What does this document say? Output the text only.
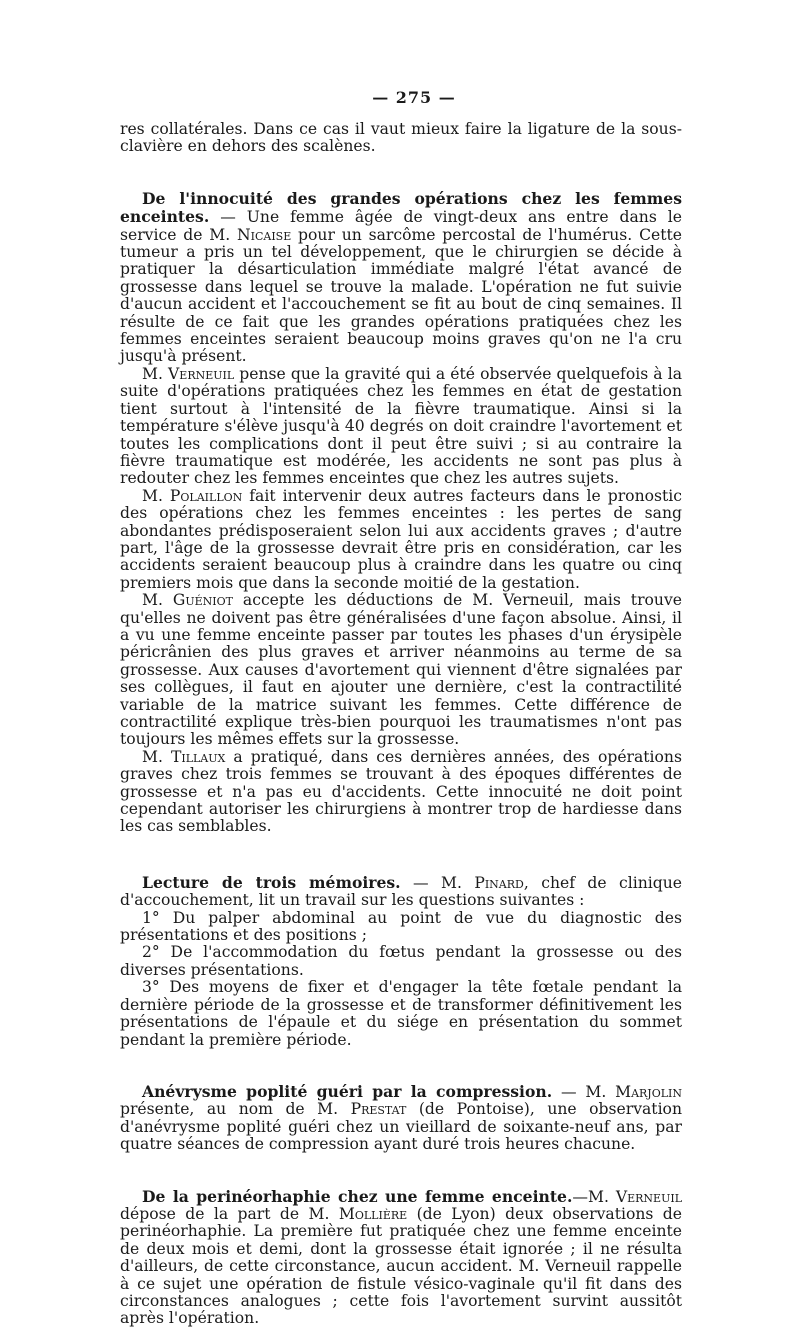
— 275 —

res collatérales. Dans ce cas il vaut mieux faire la ligature de la sous-clavière en dehors des scalènes.

De l'innocuité des grandes opérations chez les femmes enceintes. — Une femme âgée de vingt-deux ans entre dans le service de M. Nicaise pour un sarcôme percostal de l'humérus. Cette tumeur a pris un tel développement, que le chirurgien se décide à pratiquer la désarticulation immédiate malgré l'état avancé de grossesse dans lequel se trouve la malade. L'opération ne fut suivie d'aucun accident et l'accouchement se fit au bout de cinq semaines. Il résulte de ce fait que les grandes opérations pratiquées chez les femmes enceintes seraient beaucoup moins graves qu'on ne l'a cru jusqu'à présent.

M. Verneuil pense que la gravité qui a été observée quelquefois à la suite d'opérations pratiquées chez les femmes en état de gestation tient surtout à l'intensité de la fièvre traumatique. Ainsi si la température s'élève jusqu'à 40 degrés on doit craindre l'avortement et toutes les complications dont il peut être suivi ; si au contraire la fièvre traumatique est modérée, les accidents ne sont pas plus à redouter chez les femmes enceintes que chez les autres sujets.

M. Polaillon fait intervenir deux autres facteurs dans le pronostic des opérations chez les femmes enceintes : les pertes de sang abondantes prédisposeraient selon lui aux accidents graves ; d'autre part, l'âge de la grossesse devrait être pris en considération, car les accidents seraient beaucoup plus à craindre dans les quatre ou cinq premiers mois que dans la seconde moitié de la gestation.

M. Guéniot accepte les déductions de M. Verneuil, mais trouve qu'elles ne doivent pas être généralisées d'une façon absolue. Ainsi, il a vu une femme enceinte passer par toutes les phases d'un érysipèle péricrânien des plus graves et arriver néanmoins au terme de sa grossesse. Aux causes d'avortement qui viennent d'être signalées par ses collègues, il faut en ajouter une dernière, c'est la contractilité variable de la matrice suivant les femmes. Cette différence de contractilité explique très-bien pourquoi les traumatismes n'ont pas toujours les mêmes effets sur la grossesse.

M. Tillaux a pratiqué, dans ces dernières années, des opérations graves chez trois femmes se trouvant à des époques différentes de grossesse et n'a pas eu d'accidents. Cette innocuité ne doit point cependant autoriser les chirurgiens à montrer trop de hardiesse dans les cas semblables.

Lecture de trois mémoires. — M. Pinard, chef de clinique d'accouchement, lit un travail sur les questions suivantes :

1° Du palper abdominal au point de vue du diagnostic des présentations et des positions ;

2° De l'accommodation du fœtus pendant la grossesse ou des diverses présentations.

3° Des moyens de fixer et d'engager la tête fœtale pendant la dernière période de la grossesse et de transformer définitivement les présentations de l'épaule et du siége en présentation du sommet pendant la première période.

Anévrysme poplité guéri par la compression. — M. Marjolin présente, au nom de M. Prestat (de Pontoise), une observation d'anévrysme poplité guéri chez un vieillard de soixante-neuf ans, par quatre séances de compression ayant duré trois heures chacune.

De la perinéorhaphie chez une femme enceinte.—M. Verneuil dépose de la part de M. Mollière (de Lyon) deux observations de perinéorhaphie. La première fut pratiquée chez une femme enceinte de deux mois et demi, dont la grossesse était ignorée ; il ne résulta d'ailleurs, de cette circonstance, aucun accident. M. Verneuil rappelle à ce sujet une opération de fistule vésico-vaginale qu'il fit dans des circonstances analogues ; cette fois l'avortement survint aussitôt après l'opération.
